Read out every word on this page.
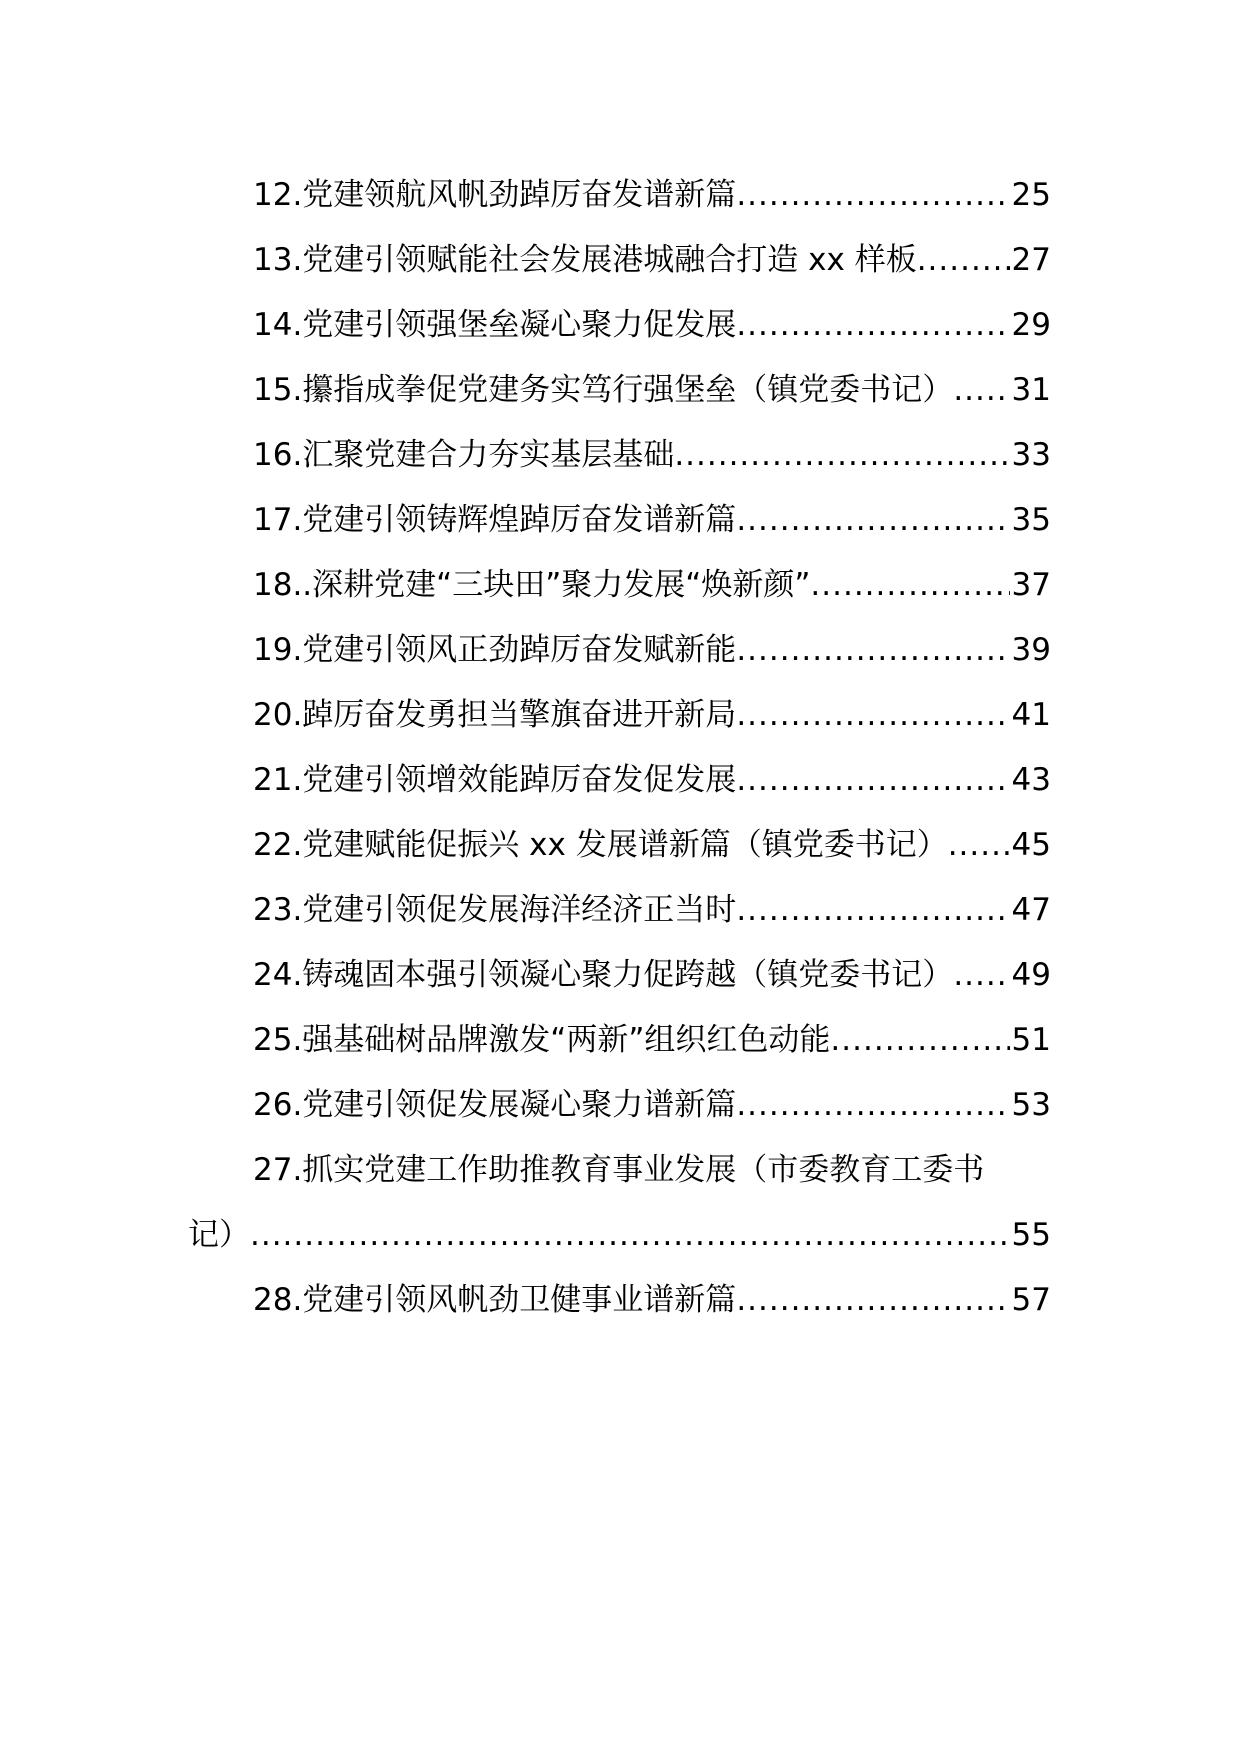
12.党建领航风帆劲踔厉奋发谱新篇 .....	25
13.党建引领赋能社会发展港城融合打造 xx 样板 .....	27
14.党建引领强堡垒凝心聚力促发展 .....	29
15.攥指成拳促党建务实笃行强堡垒（镇党委书记） ..... 31
16.汇聚党建合力夯实基层基础 .....	33
17.党建引领铸辉煌踔厉奋发谱新篇 .....	35
18..深耕党建“三块田”聚力发展“焕新颜” .....	37
19.党建引领风正劲踔厉奋发赋新能 .....	39
20.踔厉奋发勇担当擎旗奋进开新局 .....	41
21.党建引领增效能踔厉奋发促发展 .....	43
22.党建赋能促振兴 xx 发展谱新篇（镇党委书记） ..... 45
23.党建引领促发展海洋经济正当时 .....	47
24.铸魂固本强引领凝心聚力促跨越（镇党委书记） ..... 49
25.强基础树品牌激发“两新”组织红色动能 .....	51
26.党建引领促发展凝心聚力谱新篇 .....	53
27.抓实党建工作助推教育事业发展（市委教育工委书
记） .....	55
28.党建引领风帆劲卫健事业谱新篇 .....	57
